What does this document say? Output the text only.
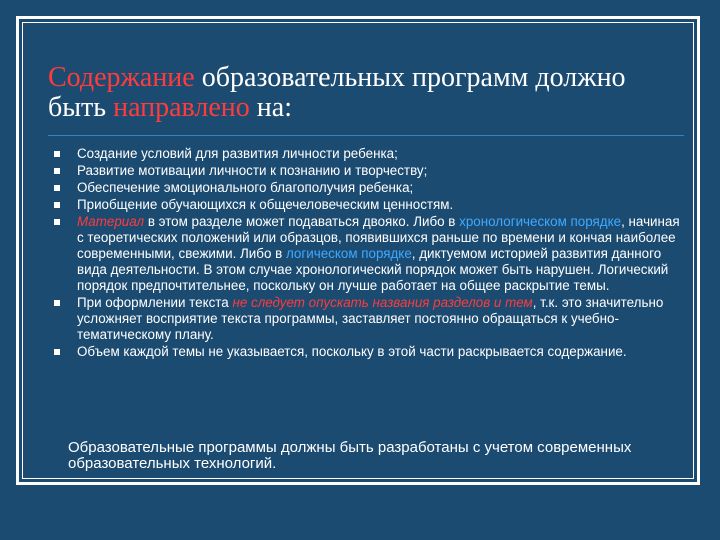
Содержание образовательных программ должно быть направлено на:
Создание условий для развития личности ребенка;
Развитие мотивации личности к познанию и творчеству;
Обеспечение эмоционального благополучия ребенка;
Приобщение обучающихся к общечеловеческим ценностям.
Материал в этом разделе может подаваться двояко. Либо в хронологическом порядке, начиная с теоретических положений или образцов, появившихся раньше по времени и кончая наиболее современными, свежими. Либо в логическом порядке, диктуемом историей развития данного вида деятельности. В этом случае хронологический порядок может быть нарушен. Логический порядок предпочтительнее, поскольку он лучше работает на общее раскрытие темы.
При оформлении текста не следует опускать названия разделов и тем, т.к. это значительно усложняет восприятие текста программы, заставляет постоянно обращаться к учебно-тематическому плану.
Объем каждой темы не указывается, поскольку в этой части раскрывается содержание.

Образовательные программы должны быть разработаны с учетом современных образовательных технологий.
